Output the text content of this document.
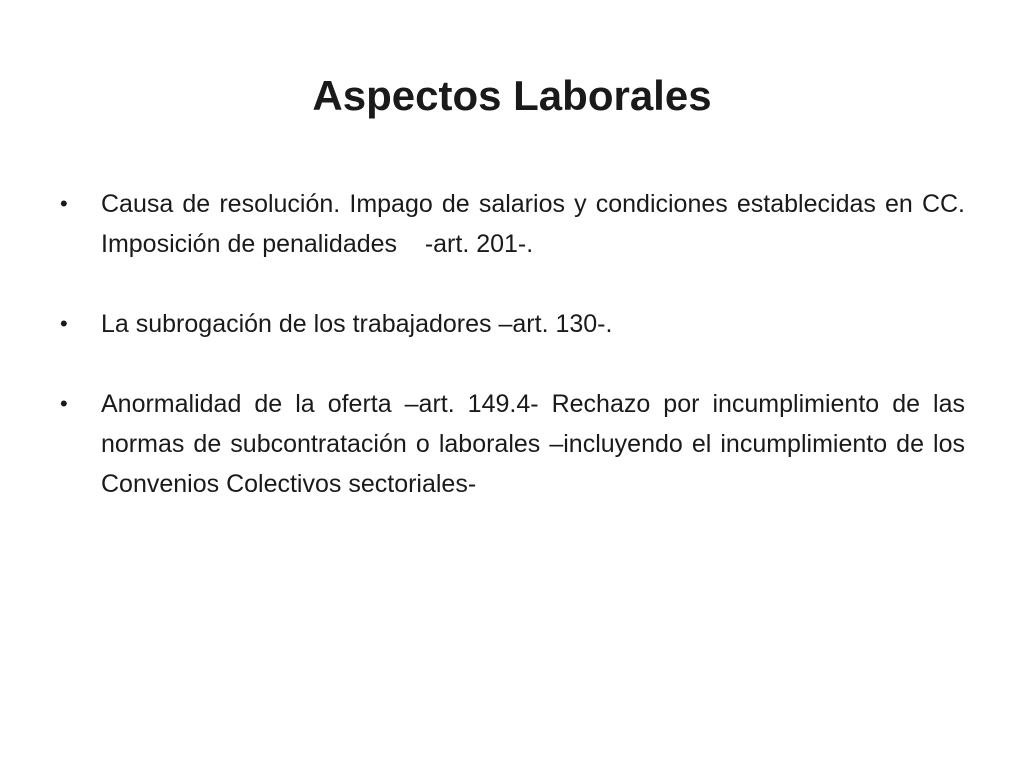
Aspectos Laborales
•	Causa de resolución. Impago de salarios y condiciones establecidas en CC. Imposición de penalidades    -art. 201-.
•	La subrogación de los trabajadores –art. 130-.
•	Anormalidad de la oferta –art. 149.4- Rechazo por incumplimiento de las normas de subcontratación o laborales –incluyendo el incumplimiento de los Convenios Colectivos sectoriales-
